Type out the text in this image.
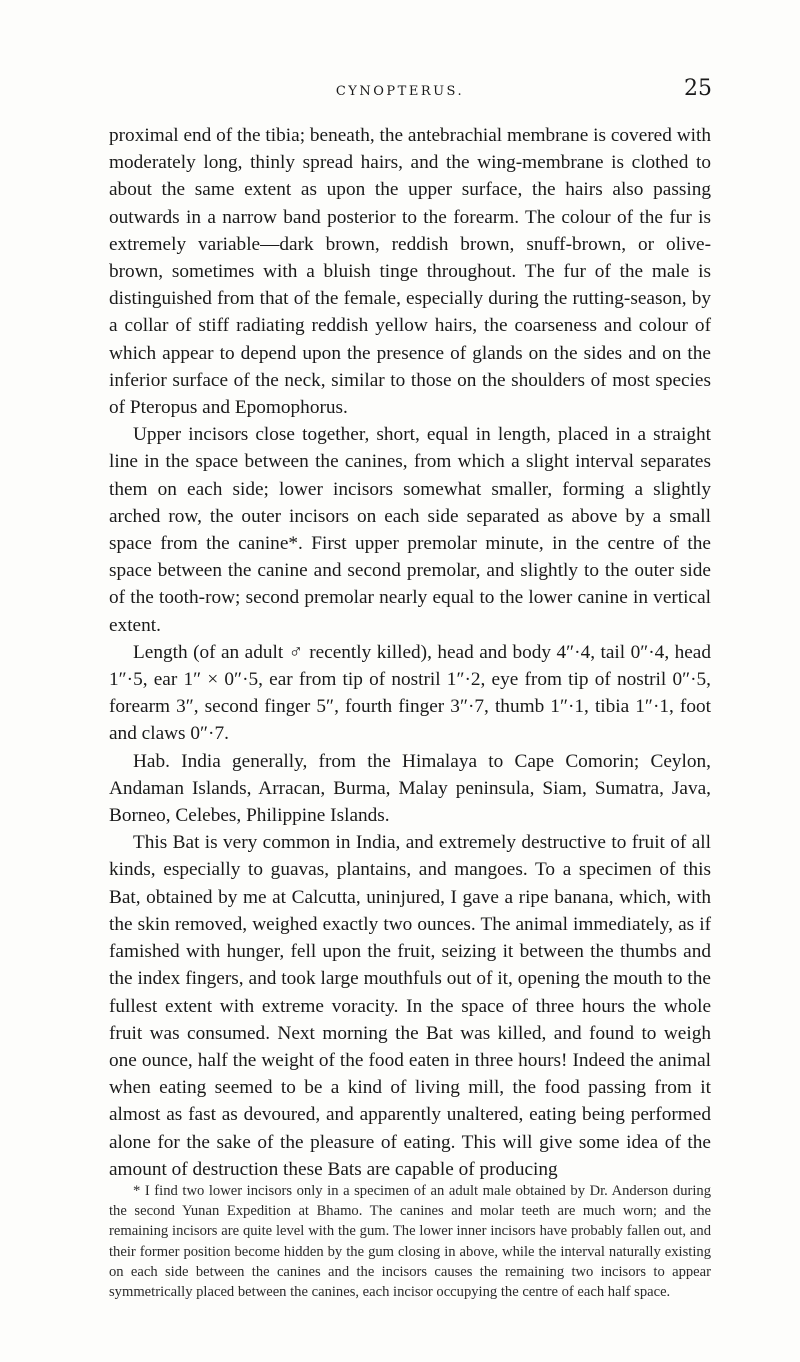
CYNOPTERUS.	25

proximal end of the tibia; beneath, the antebrachial membrane is covered with moderately long, thinly spread hairs, and the wing-membrane is clothed to about the same extent as upon the upper surface, the hairs also passing outwards in a narrow band posterior to the forearm. The colour of the fur is extremely variable—dark brown, reddish brown, snuff-brown, or olive-brown, sometimes with a bluish tinge throughout. The fur of the male is distinguished from that of the female, especially during the rutting-season, by a collar of stiff radiating reddish yellow hairs, the coarseness and colour of which appear to depend upon the presence of glands on the sides and on the inferior surface of the neck, similar to those on the shoulders of most species of Pteropus and Epomophorus.

Upper incisors close together, short, equal in length, placed in a straight line in the space between the canines, from which a slight interval separates them on each side; lower incisors somewhat smaller, forming a slightly arched row, the outer incisors on each side separated as above by a small space from the canine*. First upper premolar minute, in the centre of the space between the canine and second premolar, and slightly to the outer side of the tooth-row; second premolar nearly equal to the lower canine in vertical extent.

Length (of an adult ♂ recently killed), head and body 4″·4, tail 0″·4, head 1″·5, ear 1″ × 0″·5, ear from tip of nostril 1″·2, eye from tip of nostril 0″·5, forearm 3″, second finger 5″, fourth finger 3″·7, thumb 1″·1, tibia 1″·1, foot and claws 0″·7.

Hab. India generally, from the Himalaya to Cape Comorin; Ceylon, Andaman Islands, Arracan, Burma, Malay peninsula, Siam, Sumatra, Java, Borneo, Celebes, Philippine Islands.

This Bat is very common in India, and extremely destructive to fruit of all kinds, especially to guavas, plantains, and mangoes. To a specimen of this Bat, obtained by me at Calcutta, uninjured, I gave a ripe banana, which, with the skin removed, weighed exactly two ounces. The animal immediately, as if famished with hunger, fell upon the fruit, seizing it between the thumbs and the index fingers, and took large mouthfuls out of it, opening the mouth to the fullest extent with extreme voracity. In the space of three hours the whole fruit was consumed. Next morning the Bat was killed, and found to weigh one ounce, half the weight of the food eaten in three hours! Indeed the animal when eating seemed to be a kind of living mill, the food passing from it almost as fast as devoured, and apparently unaltered, eating being performed alone for the sake of the pleasure of eating. This will give some idea of the amount of destruction these Bats are capable of producing

* I find two lower incisors only in a specimen of an adult male obtained by Dr. Anderson during the second Yunan Expedition at Bhamo. The canines and molar teeth are much worn; and the remaining incisors are quite level with the gum. The lower inner incisors have probably fallen out, and their former position become hidden by the gum closing in above, while the interval naturally existing on each side between the canines and the incisors causes the remaining two incisors to appear symmetrically placed between the canines, each incisor occupying the centre of each half space.
